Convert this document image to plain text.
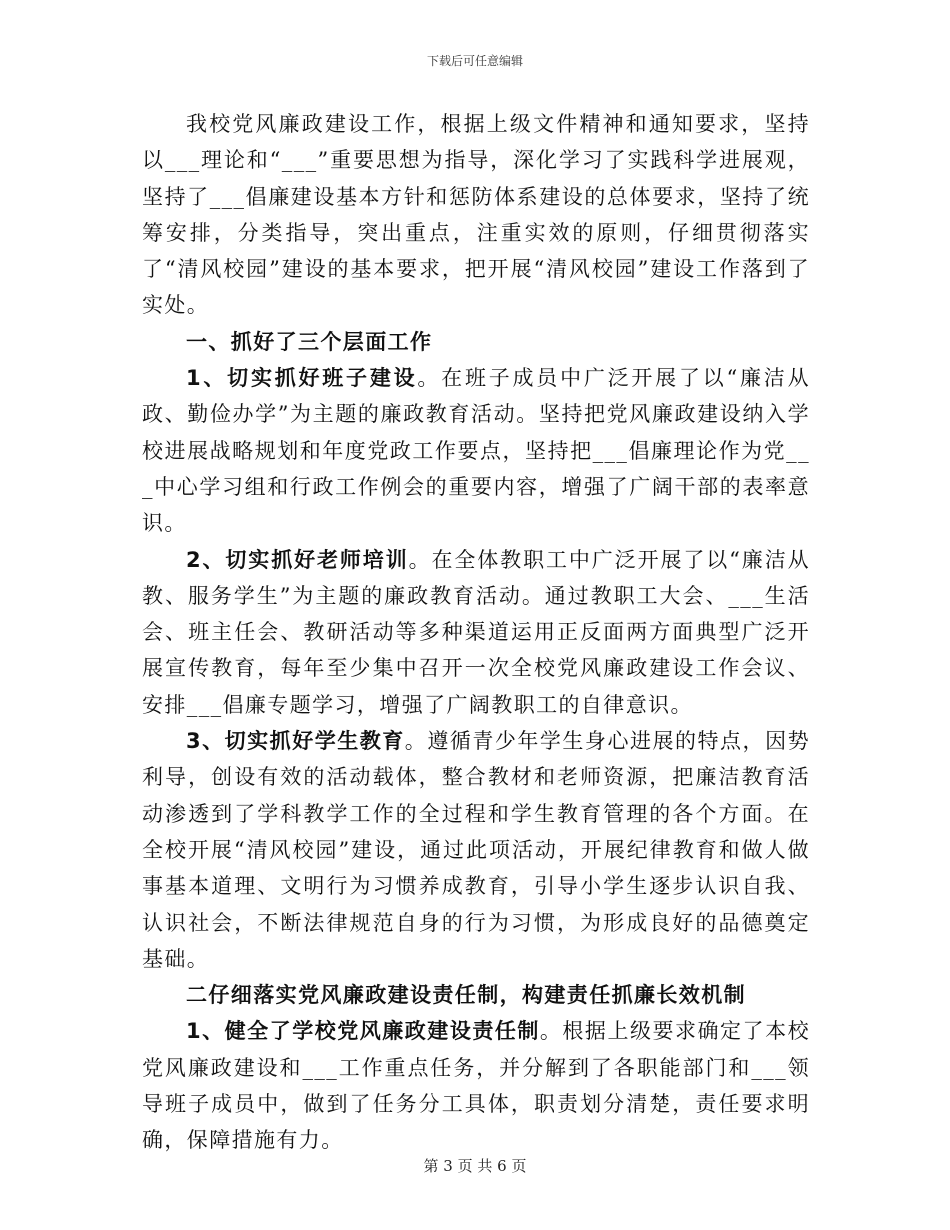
下载后可任意编辑

我校党风廉政建设工作，根据上级文件精神和通知要求，坚持以___理论和“___”重要思想为指导，深化学习了实践科学进展观，坚持了___倡廉建设基本方针和惩防体系建设的总体要求，坚持了统筹安排，分类指导，突出重点，注重实效的原则，仔细贯彻落实了“清风校园”建设的基本要求，把开展“清风校园”建设工作落到了实处。

一、抓好了三个层面工作

1、切实抓好班子建设。在班子成员中广泛开展了以“廉洁从政、勤俭办学”为主题的廉政教育活动。坚持把党风廉政建设纳入学校进展战略规划和年度党政工作要点，坚持把___倡廉理论作为党___中心学习组和行政工作例会的重要内容，增强了广阔干部的表率意识。

2、切实抓好老师培训。在全体教职工中广泛开展了以“廉洁从教、服务学生”为主题的廉政教育活动。通过教职工大会、___生活会、班主任会、教研活动等多种渠道运用正反面两方面典型广泛开展宣传教育，每年至少集中召开一次全校党风廉政建设工作会议、安排___倡廉专题学习，增强了广阔教职工的自律意识。

3、切实抓好学生教育。遵循青少年学生身心进展的特点，因势利导，创设有效的活动载体，整合教材和老师资源，把廉洁教育活动渗透到了学科教学工作的全过程和学生教育管理的各个方面。在全校开展“清风校园”建设，通过此项活动，开展纪律教育和做人做事基本道理、文明行为习惯养成教育，引导小学生逐步认识自我、认识社会，不断法律规范自身的行为习惯，为形成良好的品德奠定基础。

二仔细落实党风廉政建设责任制，构建责任抓廉长效机制

1、健全了学校党风廉政建设责任制。根据上级要求确定了本校党风廉政建设和___工作重点任务，并分解到了各职能部门和___领导班子成员中，做到了任务分工具体，职责划分清楚，责任要求明确，保障措施有力。

第 3 页 共 6 页
